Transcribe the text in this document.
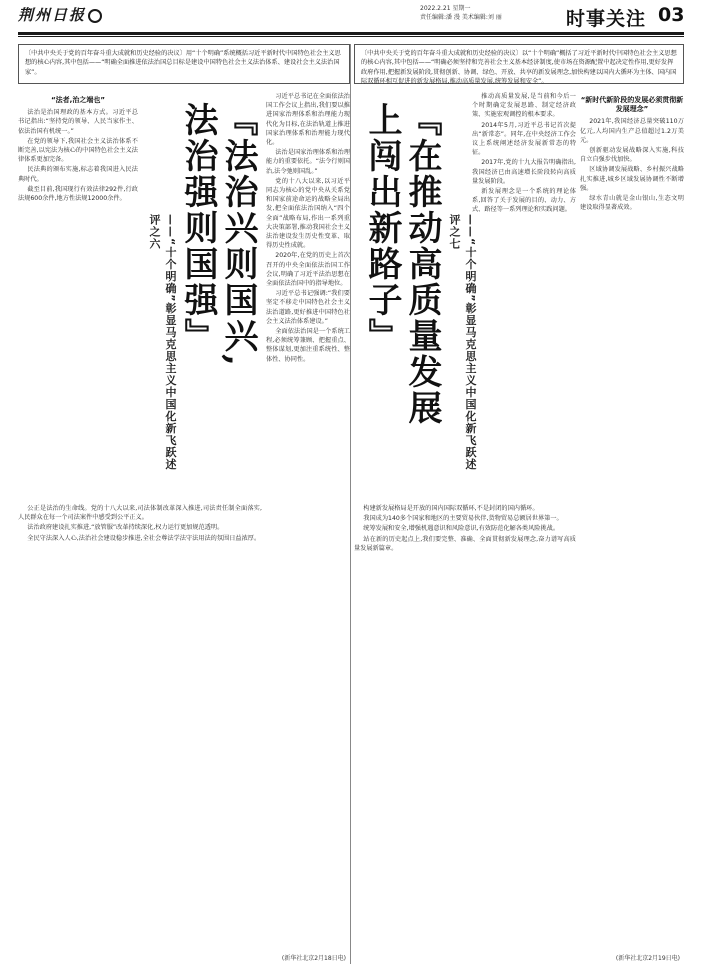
荆州日报	2022.2.21 星期一
责任编辑:潘 漫 美术编辑:刘 丽	时事关注 03
〔中共中央关于党的百年奋斗重大成就和历史经验的决议〕用“十个明确”系统概括习近平新时代中国特色社会主义思想的核心内容,其中包括——“明确全面推进依法治国总目标是建设中国特色社会主义法治体系、建设社会主义法治国家”。
『法治兴则国兴,
法治强则国强』
——“十个明确”彰显马克思主义中国化新飞跃述评之六

习近平总书记在全面依法治国工作会议上指出,我们要以推进国家治理体系和治理能力现代化为目标,在法治轨道上推进国家治理体系和治理能力现代化。

法治是国家治理体系和治理能力的重要依托。“法令行则国治,法令弛则国乱。”

党的十八大以来,以习近平同志为核心的党中央从关系党和国家前途命运的战略全局出发,把全面依法治国纳入“四个全面”战略布局,作出一系列重大决策部署,推动我国社会主义法治建设发生历史性变革、取得历史性成就。

2020年,在党的历史上首次召开的中央全面依法治国工作会议,明确了习近平法治思想在全面依法治国中的指导地位。

习近平总书记强调:“我们要坚定不移走中国特色社会主义法治道路,更好推进中国特色社会主义法治体系建设。”

全面依法治国是一个系统工程,必须统筹兼顾、把握重点、整体谋划,更加注重系统性、整体性、协同性。

“法者,治之端也”

法治是治国理政的基本方式。习近平总书记指出:“坚持党的领导、人民当家作主、依法治国有机统一。”

在党的领导下,我国社会主义法治体系不断完善,以宪法为核心的中国特色社会主义法律体系更加完备。

民法典的颁布实施,标志着我国进入民法典时代。

截至目前,我国现行有效法律292件,行政法规600余件,地方性法规12000余件。

公正是法治的生命线。党的十八大以来,司法体制改革深入推进,司法责任制全面落实,人民群众在每一个司法案件中感受到公平正义。

法治政府建设扎实推进,“放管服”改革持续深化,权力运行更加规范透明。

全民守法深入人心,法治社会建设稳步推进,全社会尊法学法守法用法的氛围日益浓厚。

(新华社北京2月18日电)
〔中共中央关于党的百年奋斗重大成就和历史经验的决议〕以“十个明确”概括了习近平新时代中国特色社会主义思想的核心内容,其中包括——“明确必须坚持和完善社会主义基本经济制度,使市场在资源配置中起决定性作用,更好发挥政府作用,把握新发展阶段,贯彻创新、协调、绿色、开放、共享的新发展理念,加快构建以国内大循环为主体、国内国际双循环相互促进的新发展格局,推动高质量发展,统筹发展和安全”。
『在推动高质量发展
上闯出新路子』	——“十个明确”彰显马克思主义中国化新飞跃述评之七

推动高质量发展,是当前和今后一个时期确定发展思路、制定经济政策、实施宏观调控的根本要求。

2014年5月,习近平总书记首次提出“新常态”。同年,在中央经济工作会议上系统阐述经济发展新常态的特征。

2017年,党的十九大报告明确指出,我国经济已由高速增长阶段转向高质量发展阶段。

新发展理念是一个系统的理论体系,回答了关于发展的目的、动力、方式、路径等一系列理论和实践问题。

“新时代新阶段的发展必须贯彻新发展理念”

2021年,我国经济总量突破110万亿元,人均国内生产总值超过1.2万美元。

创新驱动发展战略深入实施,科技自立自强步伐加快。

区域协调发展战略、乡村振兴战略扎实推进,城乡区域发展协调性不断增强。

绿水青山就是金山银山,生态文明建设取得显著成效。

构建新发展格局是开放的国内国际双循环,不是封闭的国内循环。

我国成为140多个国家和地区的主要贸易伙伴,货物贸易总额居世界第一。

统筹发展和安全,增强机遇意识和风险意识,有效防范化解各类风险挑战。

站在新的历史起点上,我们要完整、准确、全面贯彻新发展理念,奋力谱写高质量发展新篇章。

(新华社北京2月19日电)
